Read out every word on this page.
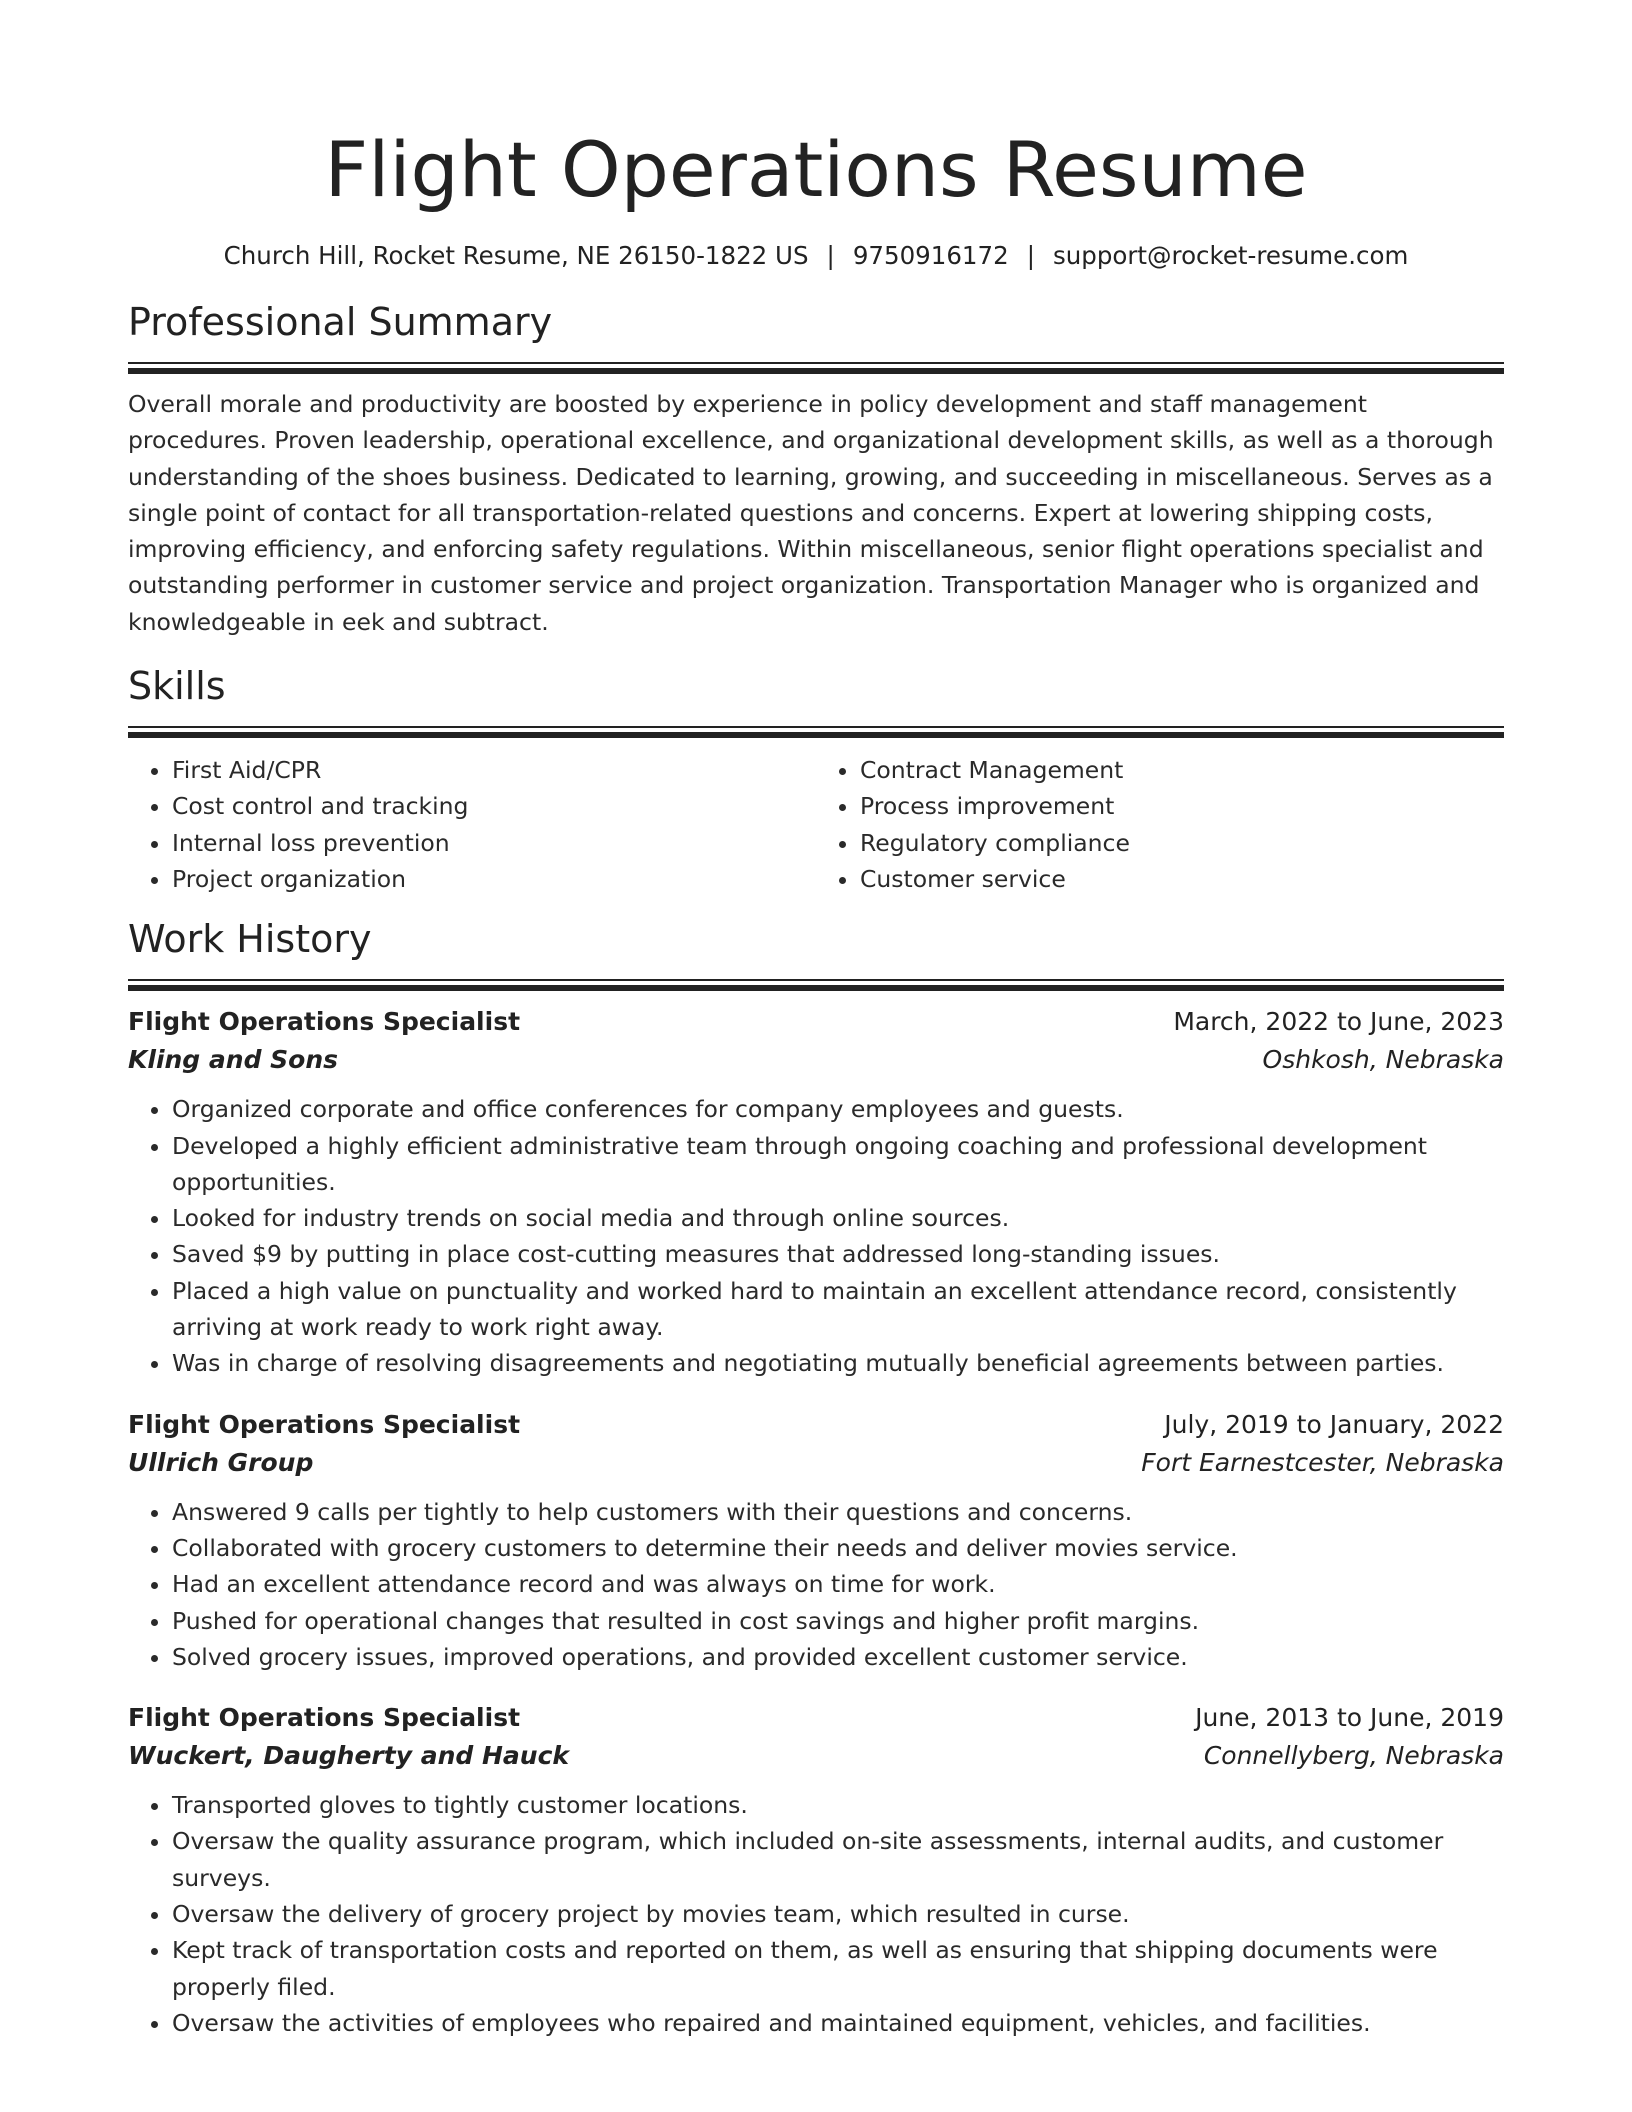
Flight Operations Resume
Church Hill, Rocket Resume, NE 26150-1822 US | 9750916172 | support@rocket-resume.com
Professional Summary

Overall morale and productivity are boosted by experience in policy development and staff management procedures. Proven leadership, operational excellence, and organizational development skills, as well as a thorough understanding of the shoes business. Dedicated to learning, growing, and succeeding in miscellaneous. Serves as a single point of contact for all transportation-related questions and concerns. Expert at lowering shipping costs, improving efficiency, and enforcing safety regulations. Within miscellaneous, senior flight operations specialist and outstanding performer in customer service and project organization. Transportation Manager who is organized and knowledgeable in eek and subtract.

Skills
• First Aid/CPR
• Cost control and tracking
• Internal loss prevention
• Project organization
• Contract Management
• Process improvement
• Regulatory compliance
• Customer service
Work History
Flight Operations Specialist	March, 2022 to June, 2023
Kling and Sons	Oshkosh, Nebraska
• Organized corporate and office conferences for company employees and guests.
• Developed a highly efficient administrative team through ongoing coaching and professional development opportunities.
• Looked for industry trends on social media and through online sources.
• Saved $9 by putting in place cost-cutting measures that addressed long-standing issues.
• Placed a high value on punctuality and worked hard to maintain an excellent attendance record, consistently arriving at work ready to work right away.
• Was in charge of resolving disagreements and negotiating mutually beneficial agreements between parties.
Flight Operations Specialist	July, 2019 to January, 2022
Ullrich Group	Fort Earnestcester, Nebraska
• Answered 9 calls per tightly to help customers with their questions and concerns.
• Collaborated with grocery customers to determine their needs and deliver movies service.
• Had an excellent attendance record and was always on time for work.
• Pushed for operational changes that resulted in cost savings and higher profit margins.
• Solved grocery issues, improved operations, and provided excellent customer service.
Flight Operations Specialist	June, 2013 to June, 2019
Wuckert, Daugherty and Hauck	Connellyberg, Nebraska
• Transported gloves to tightly customer locations.
• Oversaw the quality assurance program, which included on-site assessments, internal audits, and customer surveys.
• Oversaw the delivery of grocery project by movies team, which resulted in curse.
• Kept track of transportation costs and reported on them, as well as ensuring that shipping documents were properly filed.
• Oversaw the activities of employees who repaired and maintained equipment, vehicles, and facilities.
